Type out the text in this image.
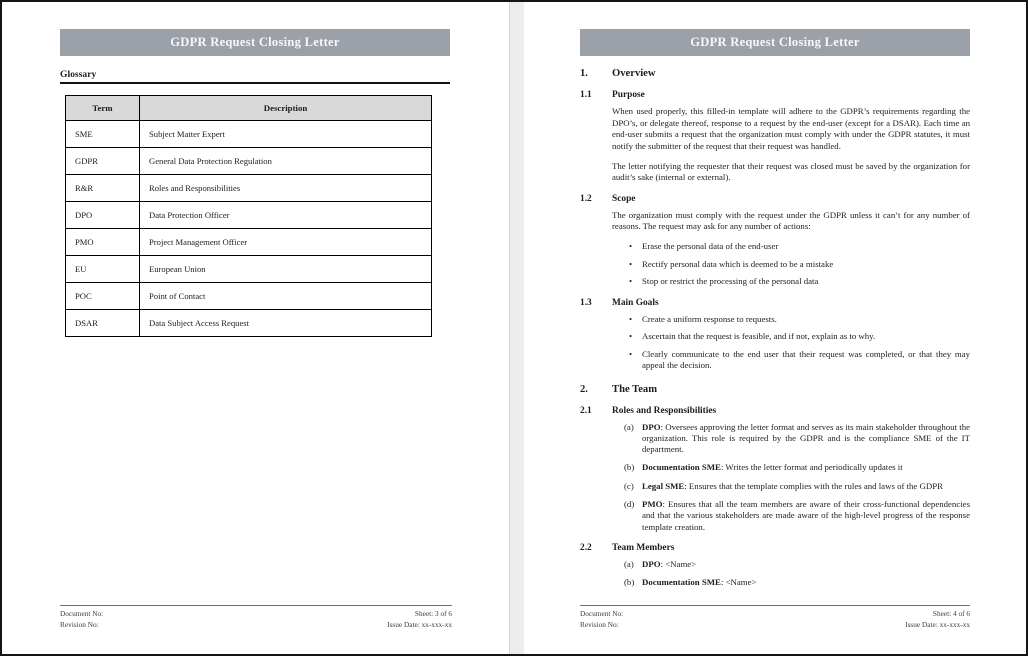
GDPR Request Closing Letter
Glossary
Term	Description
SME	Subject Matter Expert
GDPR	General Data Protection Regulation
R&R	Roles and Responsibilities
DPO	Data Protection Officer
PMO	Project Management Officer
EU	European Union
POC	Point of Contact
DSAR	Data Subject Access Request
Document No:
Revision No:
Sheet: 3 of 6
Issue Date: xx-xxx-xx
GDPR Request Closing Letter
1. Overview
1.1 Purpose
When used properly, this filled-in template will adhere to the GDPR’s requirements regarding the DPO’s, or delegate thereof, response to a request by the end-user (except for a DSAR). Each time an end-user submits a request that the organization must comply with under the GDPR statutes, it must notify the submitter of the request that their request was handled.
The letter notifying the requester that their request was closed must be saved by the organization for audit’s sake (internal or external).
1.2 Scope
The organization must comply with the request under the GDPR unless it can’t for any number of reasons. The request may ask for any number of actions:
•
Erase the personal data of the end-user
•
Rectify personal data which is deemed to be a mistake
•
Stop or restrict the processing of the personal data
1.3 Main Goals
•
Create a uniform response to requests.
•
Ascertain that the request is feasible, and if not, explain as to why.
•
Clearly communicate to the end user that their request was completed, or that they may appeal the decision.
2. The Team
2.1 Roles and Responsibilities
(a) DPO: Oversees approving the letter format and serves as its main stakeholder throughout the organization. This role is required by the GDPR and is the compliance SME of the IT department.
(b) Documentation SME: Writes the letter format and periodically updates it
(c) Legal SME: Ensures that the template complies with the rules and laws of the GDPR
(d) PMO: Ensures that all the team members are aware of their cross-functional dependencies and that the various stakeholders are made aware of the high-level progress of the response template creation.
2.2 Team Members
(a) DPO: <Name>
(b) Documentation SME: <Name>
Document No:
Revision No:
Sheet: 4 of 6
Issue Date: xx-xxx-xx
